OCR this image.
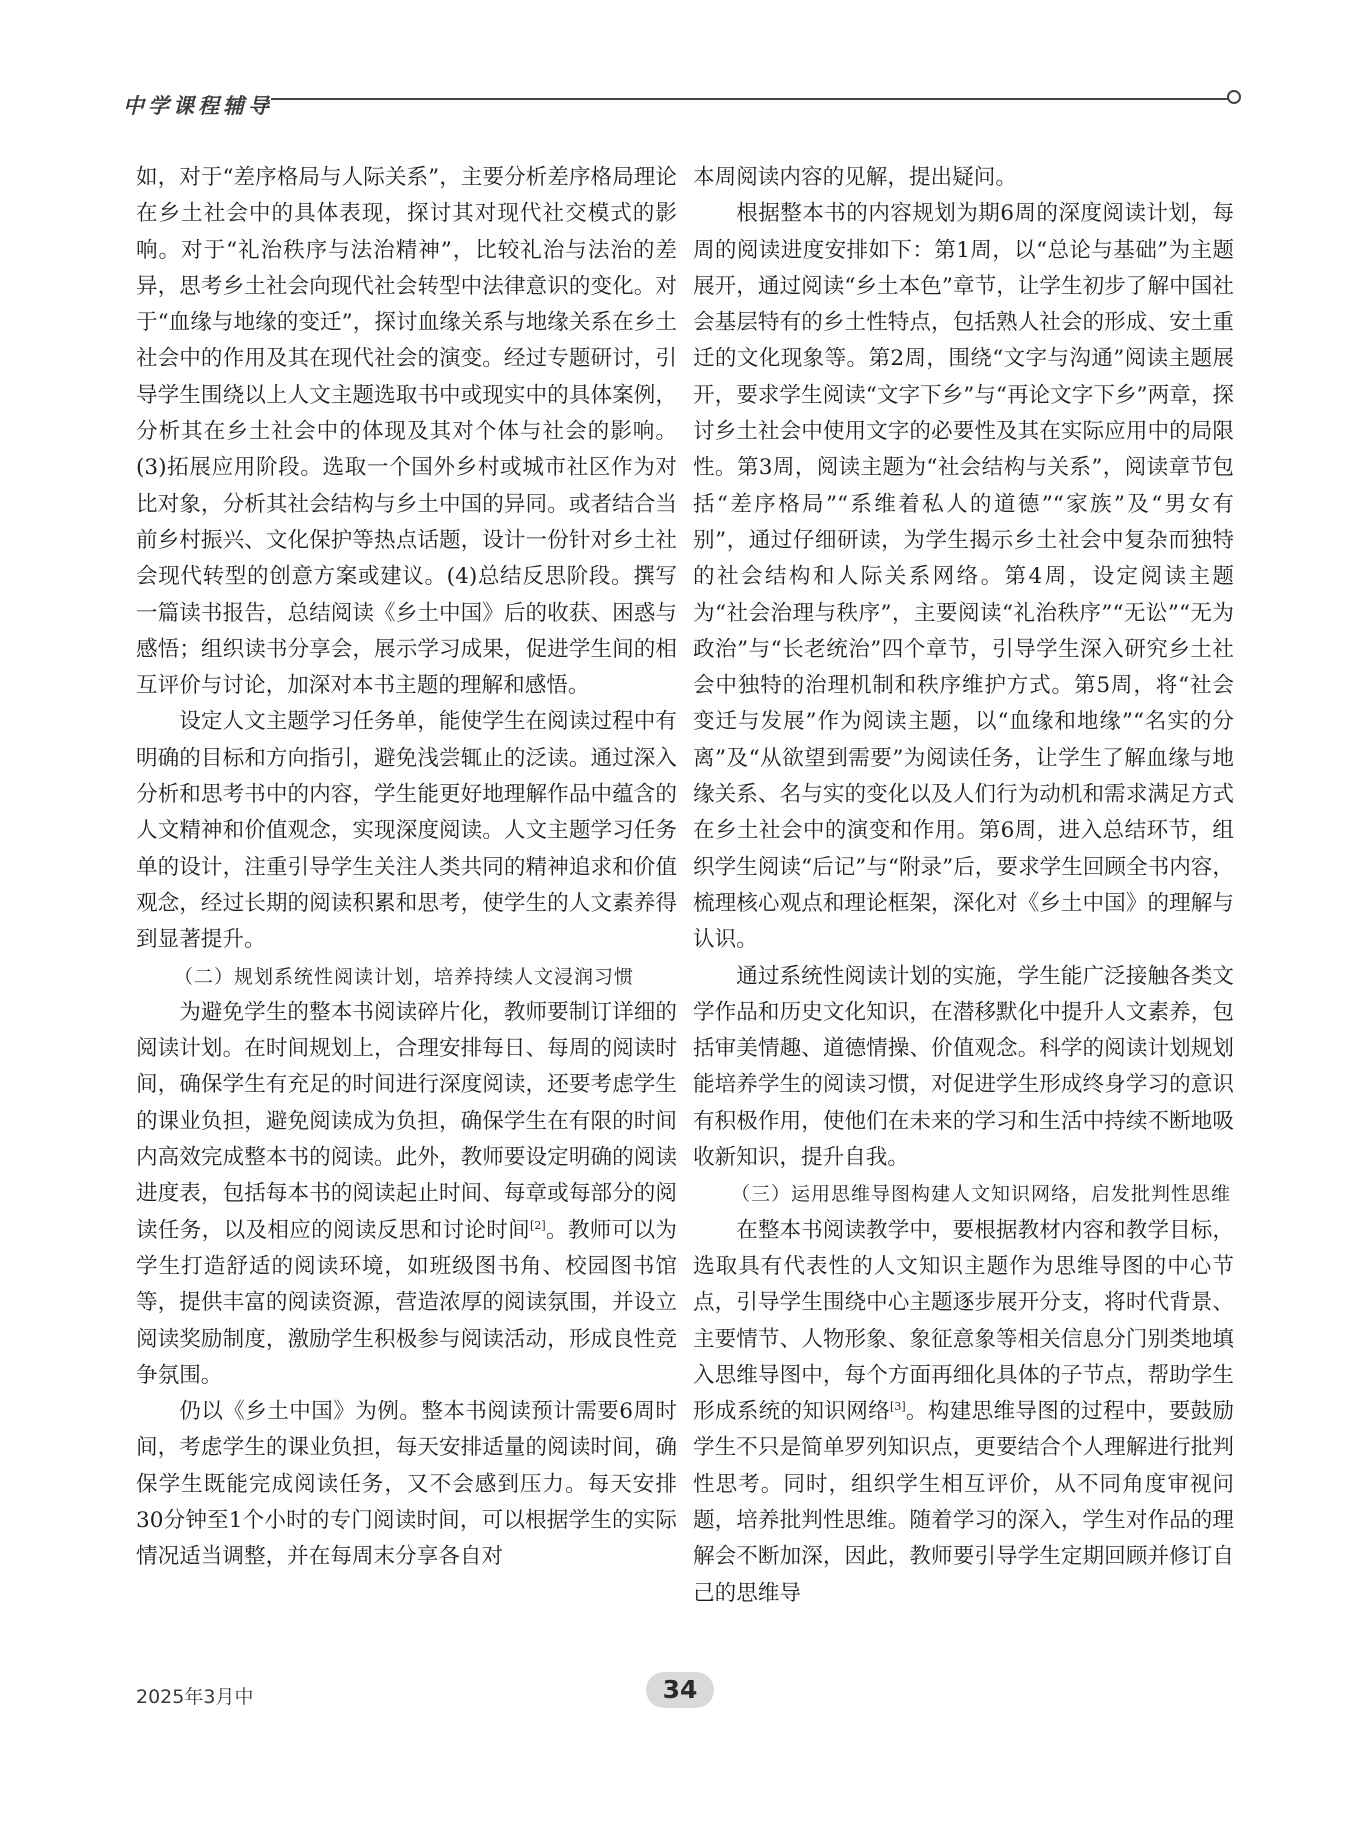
中学课程辅导

如，对于“差序格局与人际关系”，主要分析差序格局理论在乡土社会中的具体表现，探讨其对现代社交模式的影响。对于“礼治秩序与法治精神”，比较礼治与法治的差异，思考乡土社会向现代社会转型中法律意识的变化。对于“血缘与地缘的变迁”，探讨血缘关系与地缘关系在乡土社会中的作用及其在现代社会的演变。经过专题研讨，引导学生围绕以上人文主题选取书中或现实中的具体案例，分析其在乡土社会中的体现及其对个体与社会的影响。(3)拓展应用阶段。选取一个国外乡村或城市社区作为对比对象，分析其社会结构与乡土中国的异同。或者结合当前乡村振兴、文化保护等热点话题，设计一份针对乡土社会现代转型的创意方案或建议。(4)总结反思阶段。撰写一篇读书报告，总结阅读《乡土中国》后的收获、困惑与感悟；组织读书分享会，展示学习成果，促进学生间的相互评价与讨论，加深对本书主题的理解和感悟。

设定人文主题学习任务单，能使学生在阅读过程中有明确的目标和方向指引，避免浅尝辄止的泛读。通过深入分析和思考书中的内容，学生能更好地理解作品中蕴含的人文精神和价值观念，实现深度阅读。人文主题学习任务单的设计，注重引导学生关注人类共同的精神追求和价值观念，经过长期的阅读积累和思考，使学生的人文素养得到显著提升。

（二）规划系统性阅读计划，培养持续人文浸润习惯

为避免学生的整本书阅读碎片化，教师要制订详细的阅读计划。在时间规划上，合理安排每日、每周的阅读时间，确保学生有充足的时间进行深度阅读，还要考虑学生的课业负担，避免阅读成为负担，确保学生在有限的时间内高效完成整本书的阅读。此外，教师要设定明确的阅读进度表，包括每本书的阅读起止时间、每章或每部分的阅读任务，以及相应的阅读反思和讨论时间[2]。教师可以为学生打造舒适的阅读环境，如班级图书角、校园图书馆等，提供丰富的阅读资源，营造浓厚的阅读氛围，并设立阅读奖励制度，激励学生积极参与阅读活动，形成良性竞争氛围。

仍以《乡土中国》为例。整本书阅读预计需要6周时间，考虑学生的课业负担，每天安排适量的阅读时间，确保学生既能完成阅读任务，又不会感到压力。每天安排30分钟至1个小时的专门阅读时间，可以根据学生的实际情况适当调整，并在每周末分享各自对

本周阅读内容的见解，提出疑问。

根据整本书的内容规划为期6周的深度阅读计划，每周的阅读进度安排如下：第1周，以“总论与基础”为主题展开，通过阅读“乡土本色”章节，让学生初步了解中国社会基层特有的乡土性特点，包括熟人社会的形成、安土重迁的文化现象等。第2周，围绕“文字与沟通”阅读主题展开，要求学生阅读“文字下乡”与“再论文字下乡”两章，探讨乡土社会中使用文字的必要性及其在实际应用中的局限性。第3周，阅读主题为“社会结构与关系”，阅读章节包括“差序格局”“系维着私人的道德”“家族”及“男女有别”，通过仔细研读，为学生揭示乡土社会中复杂而独特的社会结构和人际关系网络。第4周，设定阅读主题为“社会治理与秩序”，主要阅读“礼治秩序”“无讼”“无为政治”与“长老统治”四个章节，引导学生深入研究乡土社会中独特的治理机制和秩序维护方式。第5周，将“社会变迁与发展”作为阅读主题，以“血缘和地缘”“名实的分离”及“从欲望到需要”为阅读任务，让学生了解血缘与地缘关系、名与实的变化以及人们行为动机和需求满足方式在乡土社会中的演变和作用。第6周，进入总结环节，组织学生阅读“后记”与“附录”后，要求学生回顾全书内容，梳理核心观点和理论框架，深化对《乡土中国》的理解与认识。

通过系统性阅读计划的实施，学生能广泛接触各类文学作品和历史文化知识，在潜移默化中提升人文素养，包括审美情趣、道德情操、价值观念。科学的阅读计划规划能培养学生的阅读习惯，对促进学生形成终身学习的意识有积极作用，使他们在未来的学习和生活中持续不断地吸收新知识，提升自我。

（三）运用思维导图构建人文知识网络，启发批判性思维

在整本书阅读教学中，要根据教材内容和教学目标，选取具有代表性的人文知识主题作为思维导图的中心节点，引导学生围绕中心主题逐步展开分支，将时代背景、主要情节、人物形象、象征意象等相关信息分门别类地填入思维导图中，每个方面再细化具体的子节点，帮助学生形成系统的知识网络[3]。构建思维导图的过程中，要鼓励学生不只是简单罗列知识点，更要结合个人理解进行批判性思考。同时，组织学生相互评价，从不同角度审视问题，培养批判性思维。随着学习的深入，学生对作品的理解会不断加深，因此，教师要引导学生定期回顾并修订自己的思维导

2025年3月中	34
